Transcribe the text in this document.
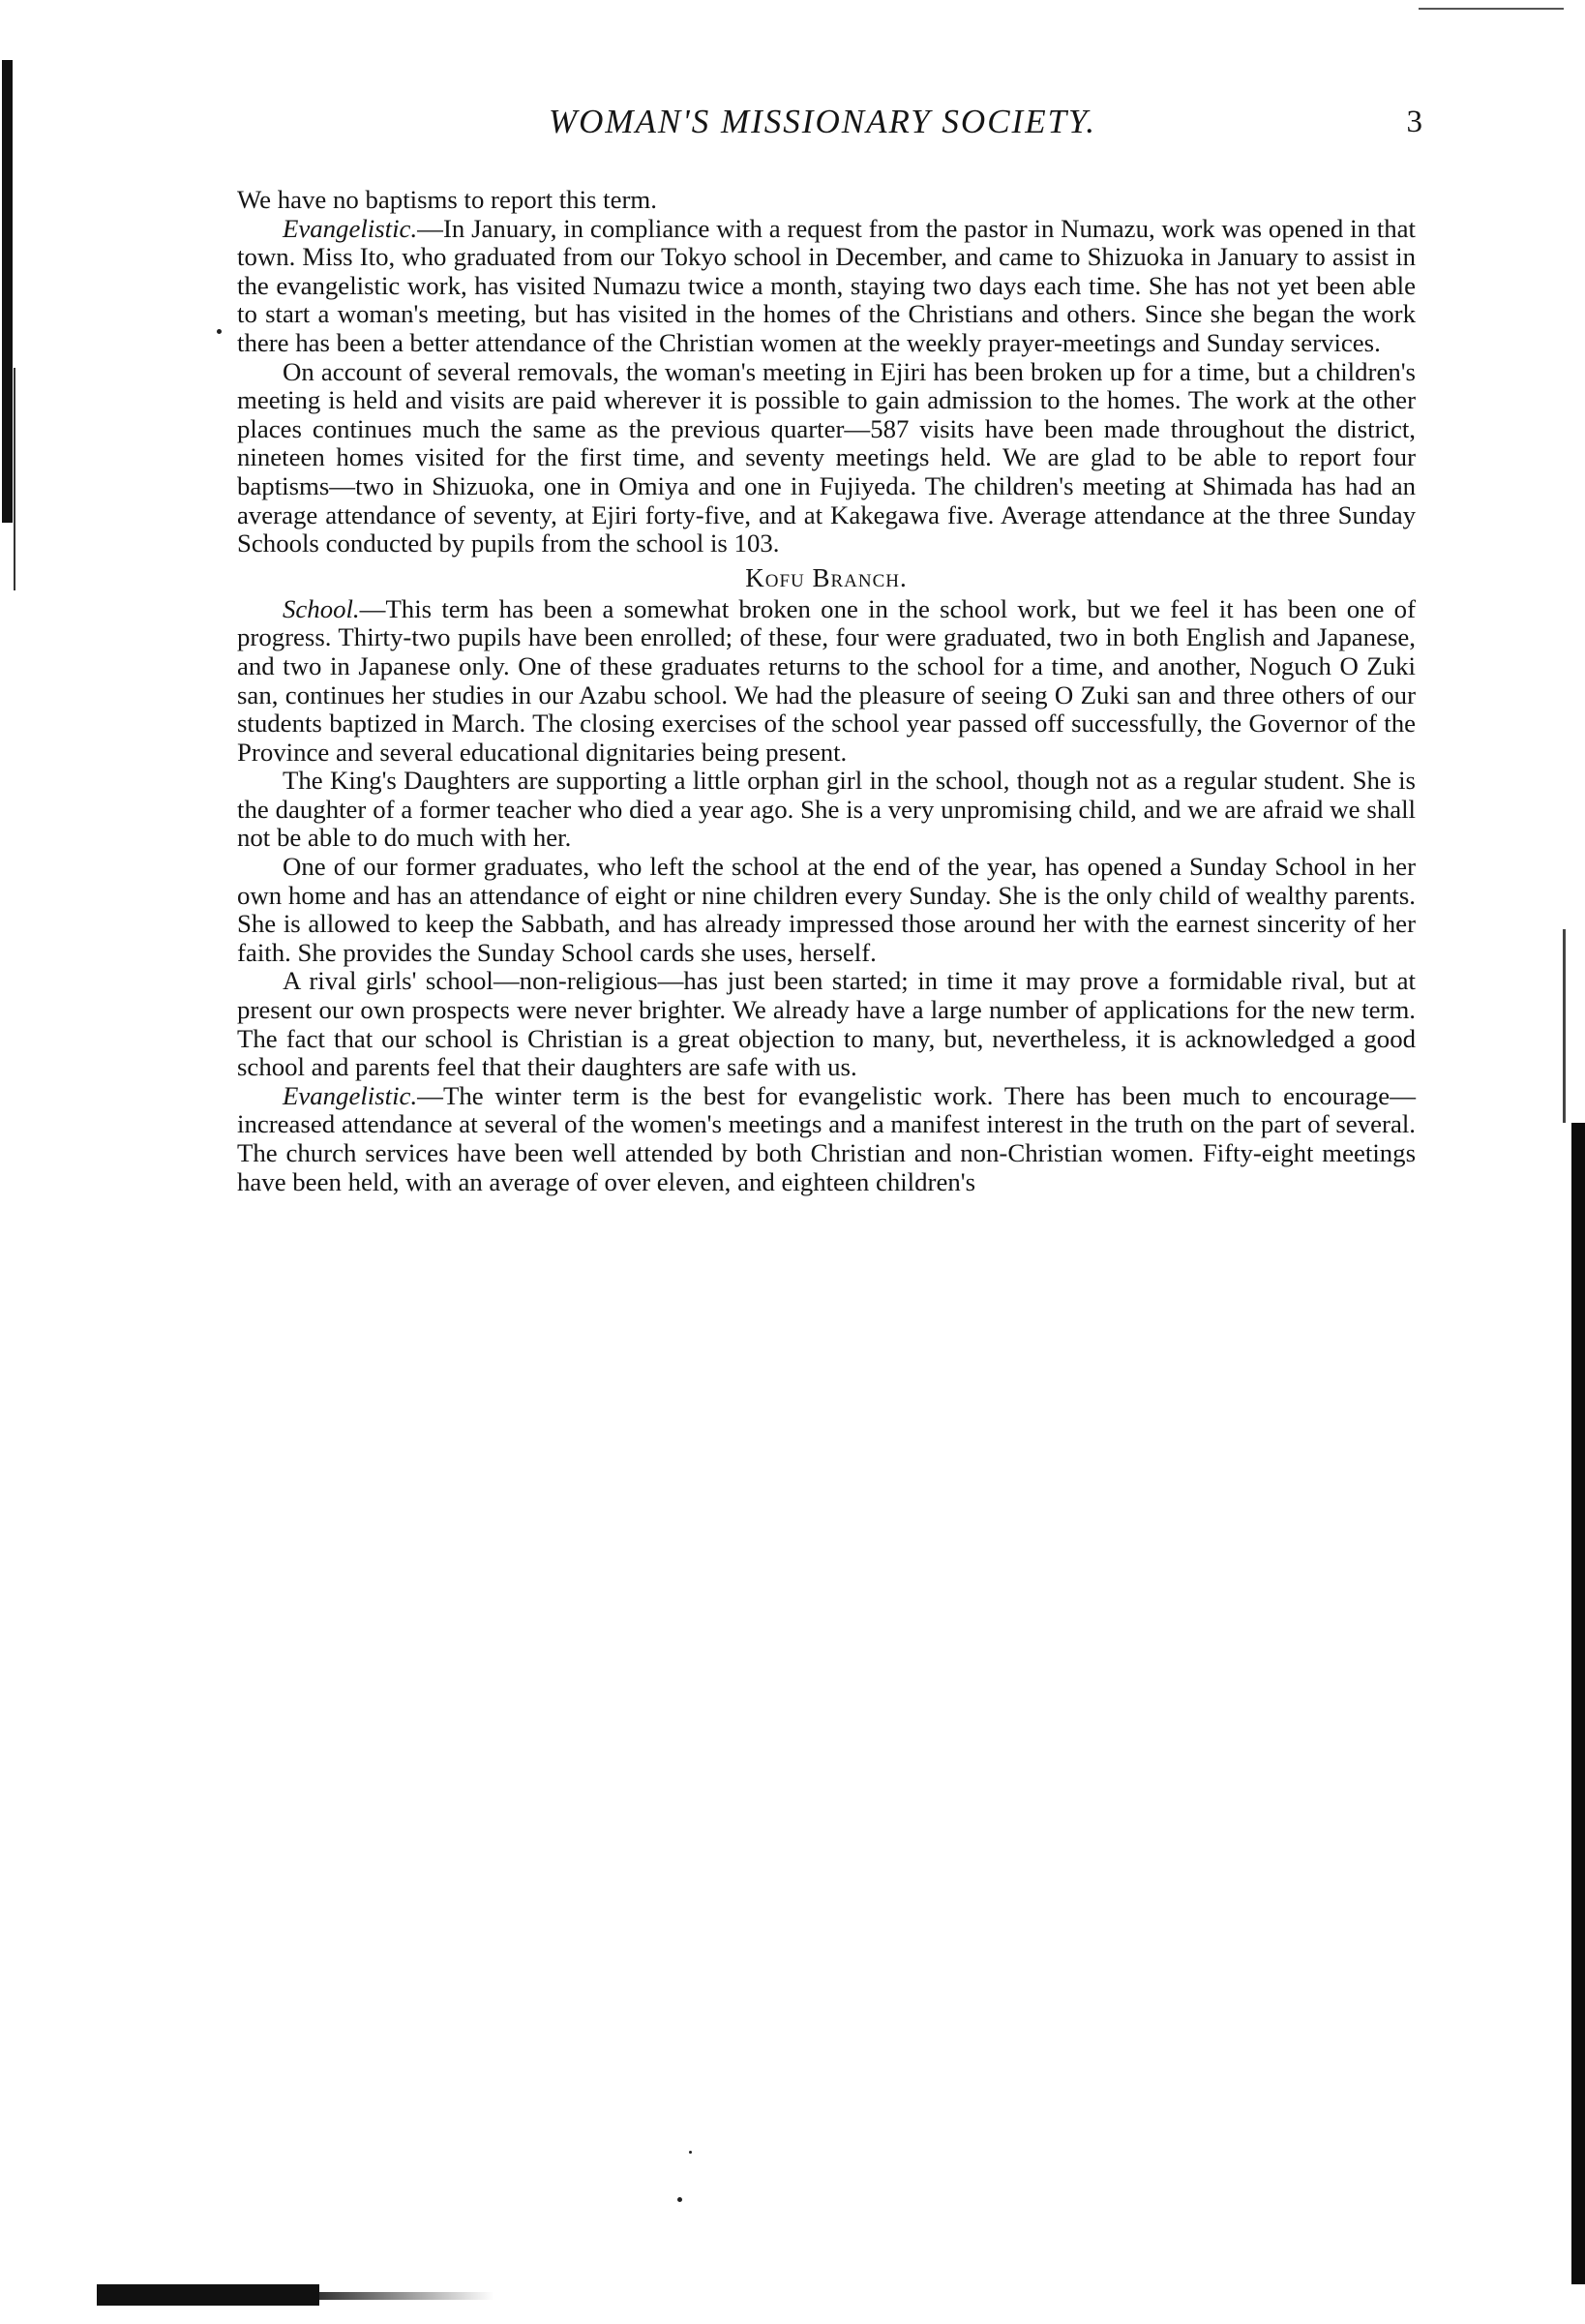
WOMAN'S MISSIONARY SOCIETY.	3

We have no baptisms to report this term.

Evangelistic.—In January, in compliance with a request from the pastor in Numazu, work was opened in that town. Miss Ito, who graduated from our Tokyo school in December, and came to Shizuoka in January to assist in the evangelistic work, has visited Numazu twice a month, staying two days each time. She has not yet been able to start a woman's meeting, but has visited in the homes of the Christians and others. Since she began the work there has been a better attendance of the Christian women at the weekly prayer-meetings and Sunday services.

On account of several removals, the woman's meeting in Ejiri has been broken up for a time, but a children's meeting is held and visits are paid wherever it is possible to gain admission to the homes. The work at the other places continues much the same as the previous quarter—587 visits have been made throughout the district, nineteen homes visited for the first time, and seventy meetings held. We are glad to be able to report four baptisms—two in Shizuoka, one in Omiya and one in Fujiyeda. The children's meeting at Shimada has had an average attendance of seventy, at Ejiri forty-five, and at Kakegawa five. Average attendance at the three Sunday Schools conducted by pupils from the school is 103.

Kofu Branch.

School.—This term has been a somewhat broken one in the school work, but we feel it has been one of progress. Thirty-two pupils have been enrolled; of these, four were graduated, two in both English and Japanese, and two in Japanese only. One of these graduates returns to the school for a time, and another, Noguch O Zuki san, continues her studies in our Azabu school. We had the pleasure of seeing O Zuki san and three others of our students baptized in March. The closing exercises of the school year passed off successfully, the Governor of the Province and several educational dignitaries being present.

The King's Daughters are supporting a little orphan girl in the school, though not as a regular student. She is the daughter of a former teacher who died a year ago. She is a very unpromising child, and we are afraid we shall not be able to do much with her.

One of our former graduates, who left the school at the end of the year, has opened a Sunday School in her own home and has an attendance of eight or nine children every Sunday. She is the only child of wealthy parents. She is allowed to keep the Sabbath, and has already impressed those around her with the earnest sincerity of her faith. She provides the Sunday School cards she uses, herself.

A rival girls' school—non-religious—has just been started; in time it may prove a formidable rival, but at present our own prospects were never brighter. We already have a large number of applications for the new term. The fact that our school is Christian is a great objection to many, but, nevertheless, it is acknowledged a good school and parents feel that their daughters are safe with us.

Evangelistic.—The winter term is the best for evangelistic work. There has been much to encourage—increased attendance at several of the women's meetings and a manifest interest in the truth on the part of several. The church services have been well attended by both Christian and non-Christian women. Fifty-eight meetings have been held, with an average of over eleven, and eighteen children's
